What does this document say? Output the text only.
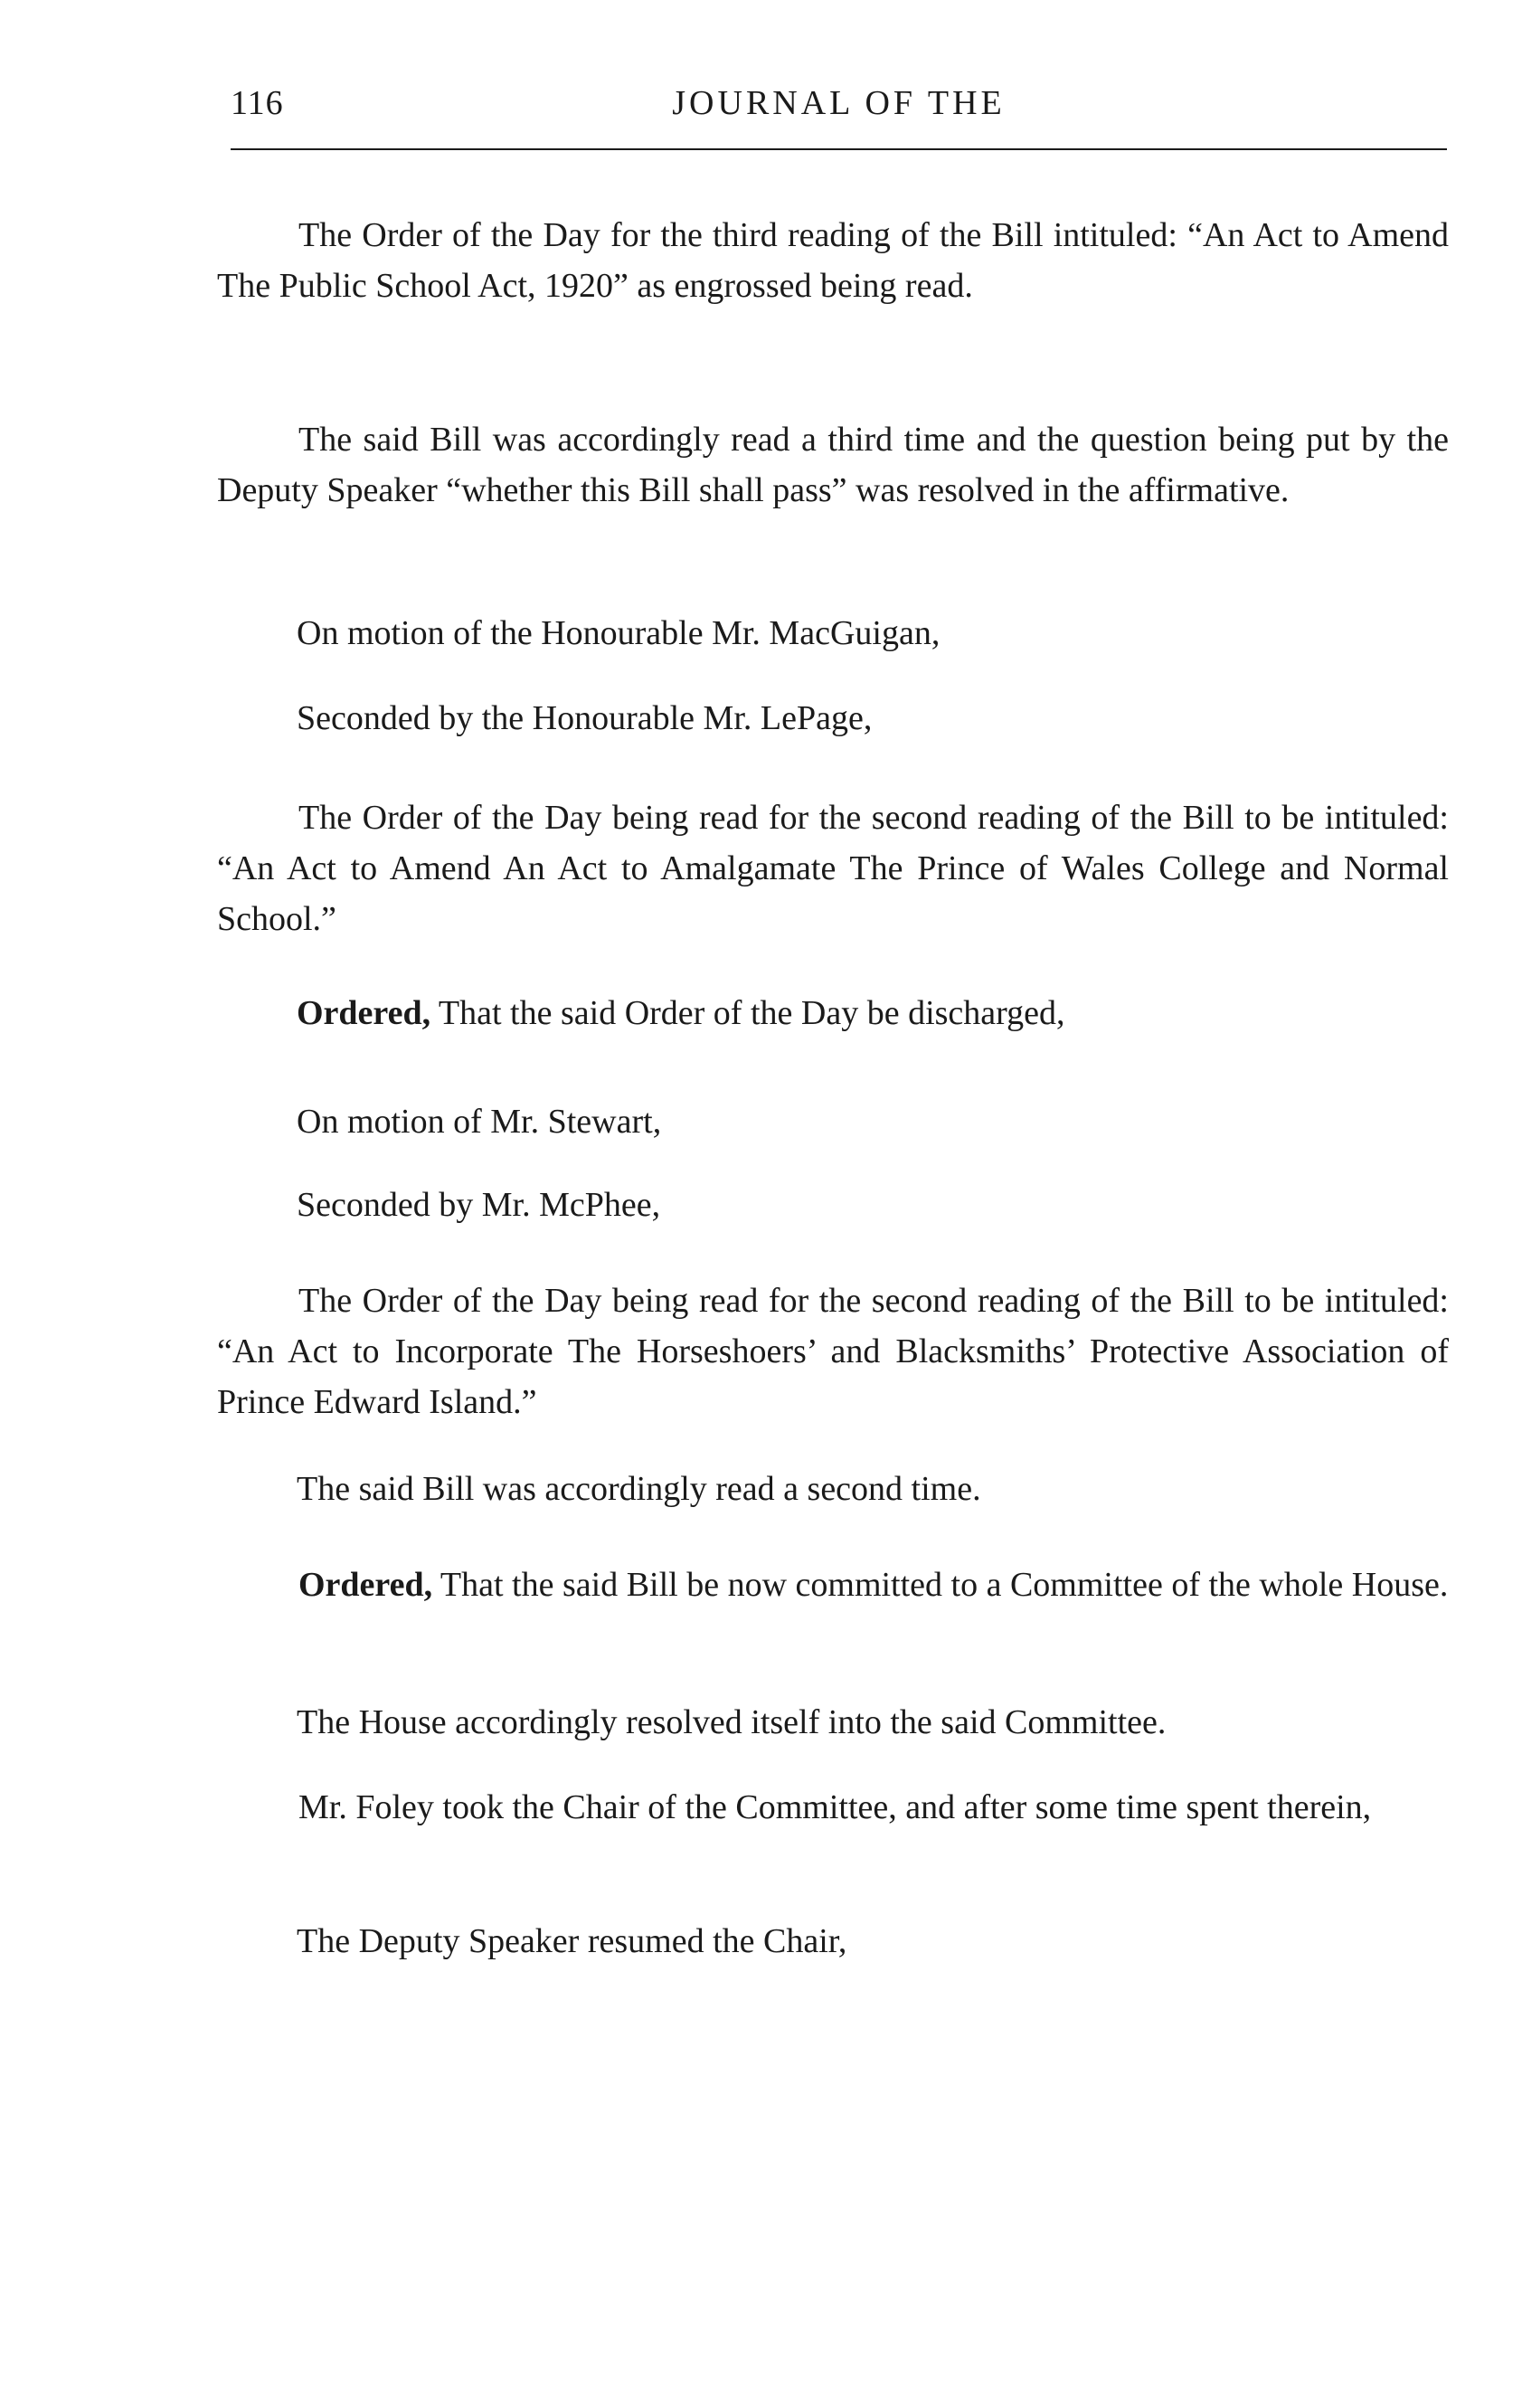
116	JOURNAL OF THE

The Order of the Day for the third reading of the Bill intituled: “An Act to Amend The Public School Act, 1920” as engrossed being read.

The said Bill was accordingly read a third time and the question being put by the Deputy Speaker “whether this Bill shall pass” was resolved in the affirmative.

On motion of the Honourable Mr. MacGuigan,

Seconded by the Honourable Mr. LePage,

The Order of the Day being read for the second reading of the Bill to be intituled: “An Act to Amend An Act to Amalgamate The Prince of Wales College and Normal School.”

Ordered, That the said Order of the Day be discharged,

On motion of Mr. Stewart,

Seconded by Mr. McPhee,

The Order of the Day being read for the second reading of the Bill to be intituled: “An Act to Incorporate The Horseshoers’ and Blacksmiths’ Protective Association of Prince Edward Island.”

The said Bill was accordingly read a second time.

Ordered, That the said Bill be now committed to a Committee of the whole House.

The House accordingly resolved itself into the said Committee.

Mr. Foley took the Chair of the Committee, and after some time spent therein,

The Deputy Speaker resumed the Chair,
